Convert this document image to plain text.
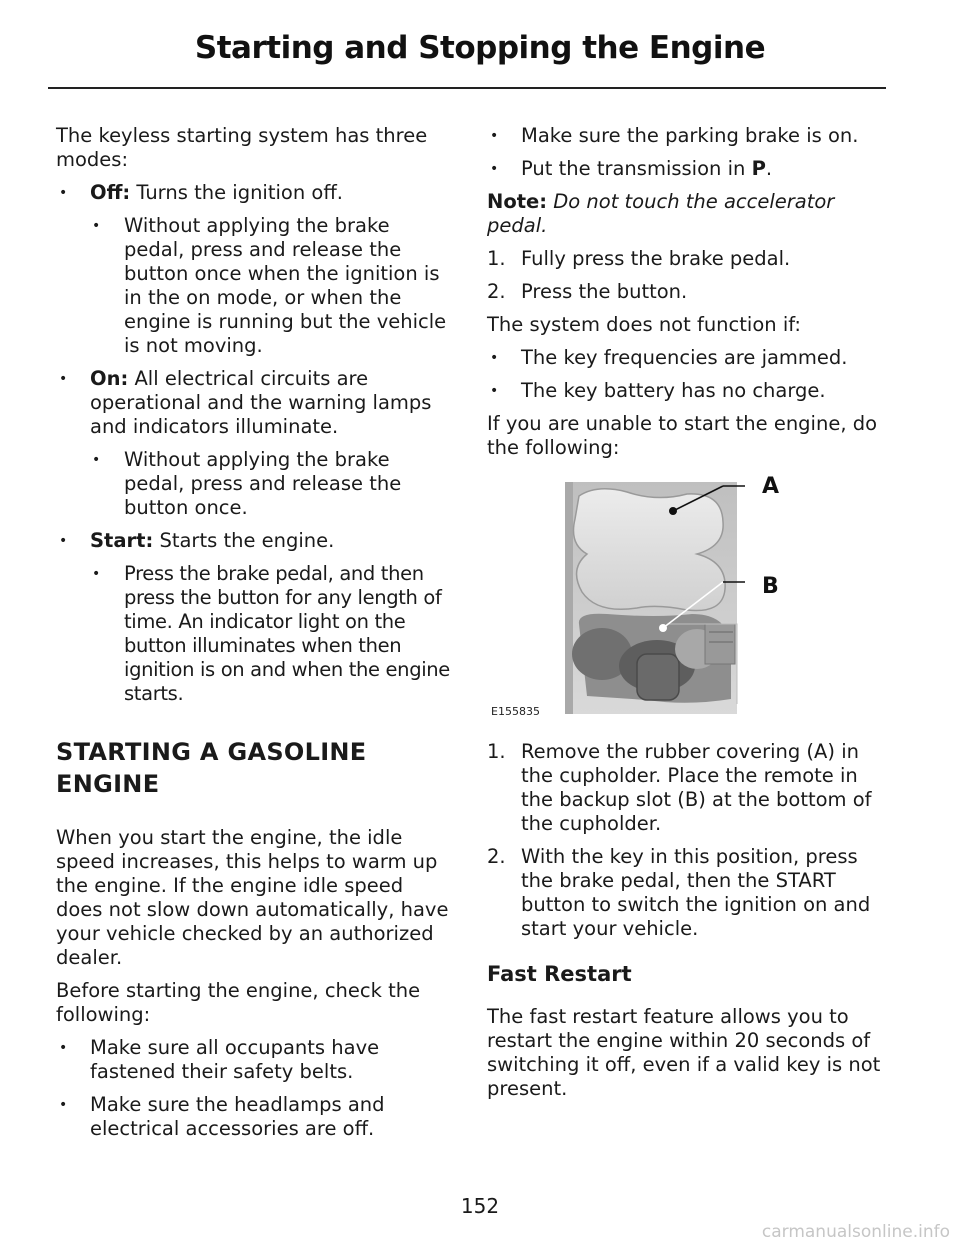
Starting and Stopping the Engine

The keyless starting system has three modes:

• Off: Turns the ignition off.
• Without applying the brake pedal, press and release the button once when the ignition is in the on mode, or when the engine is running but the vehicle is not moving.
• On: All electrical circuits are operational and the warning lamps and indicators illuminate.
• Without applying the brake pedal, press and release the button once.
• Start: Starts the engine.
• Press the brake pedal, and then press the button for any length of time. An indicator light on the button illuminates when then ignition is on and when the engine starts.
STARTING A GASOLINE ENGINE

When you start the engine, the idle speed increases, this helps to warm up the engine. If the engine idle speed does not slow down automatically, have your vehicle checked by an authorized dealer.

Before starting the engine, check the following:

• Make sure all occupants have fastened their safety belts.
• Make sure the headlamps and electrical accessories are off.
• Make sure the parking brake is on.
• Put the transmission in P.

Note: Do not touch the accelerator pedal.

1. Fully press the brake pedal.
2. Press the button.

The system does not function if:

• The key frequencies are jammed.
• The key battery has no charge.

If you are unable to start the engine, do the following:

A
B
E155835
1. Remove the rubber covering (A) in the cupholder. Place the remote in the backup slot (B) at the bottom of the cupholder.
2. With the key in this position, press the brake pedal, then the START button to switch the ignition on and start your vehicle.
Fast Restart

The fast restart feature allows you to restart the engine within 20 seconds of switching it off, even if a valid key is not present.

152
carmanualsonline.info
